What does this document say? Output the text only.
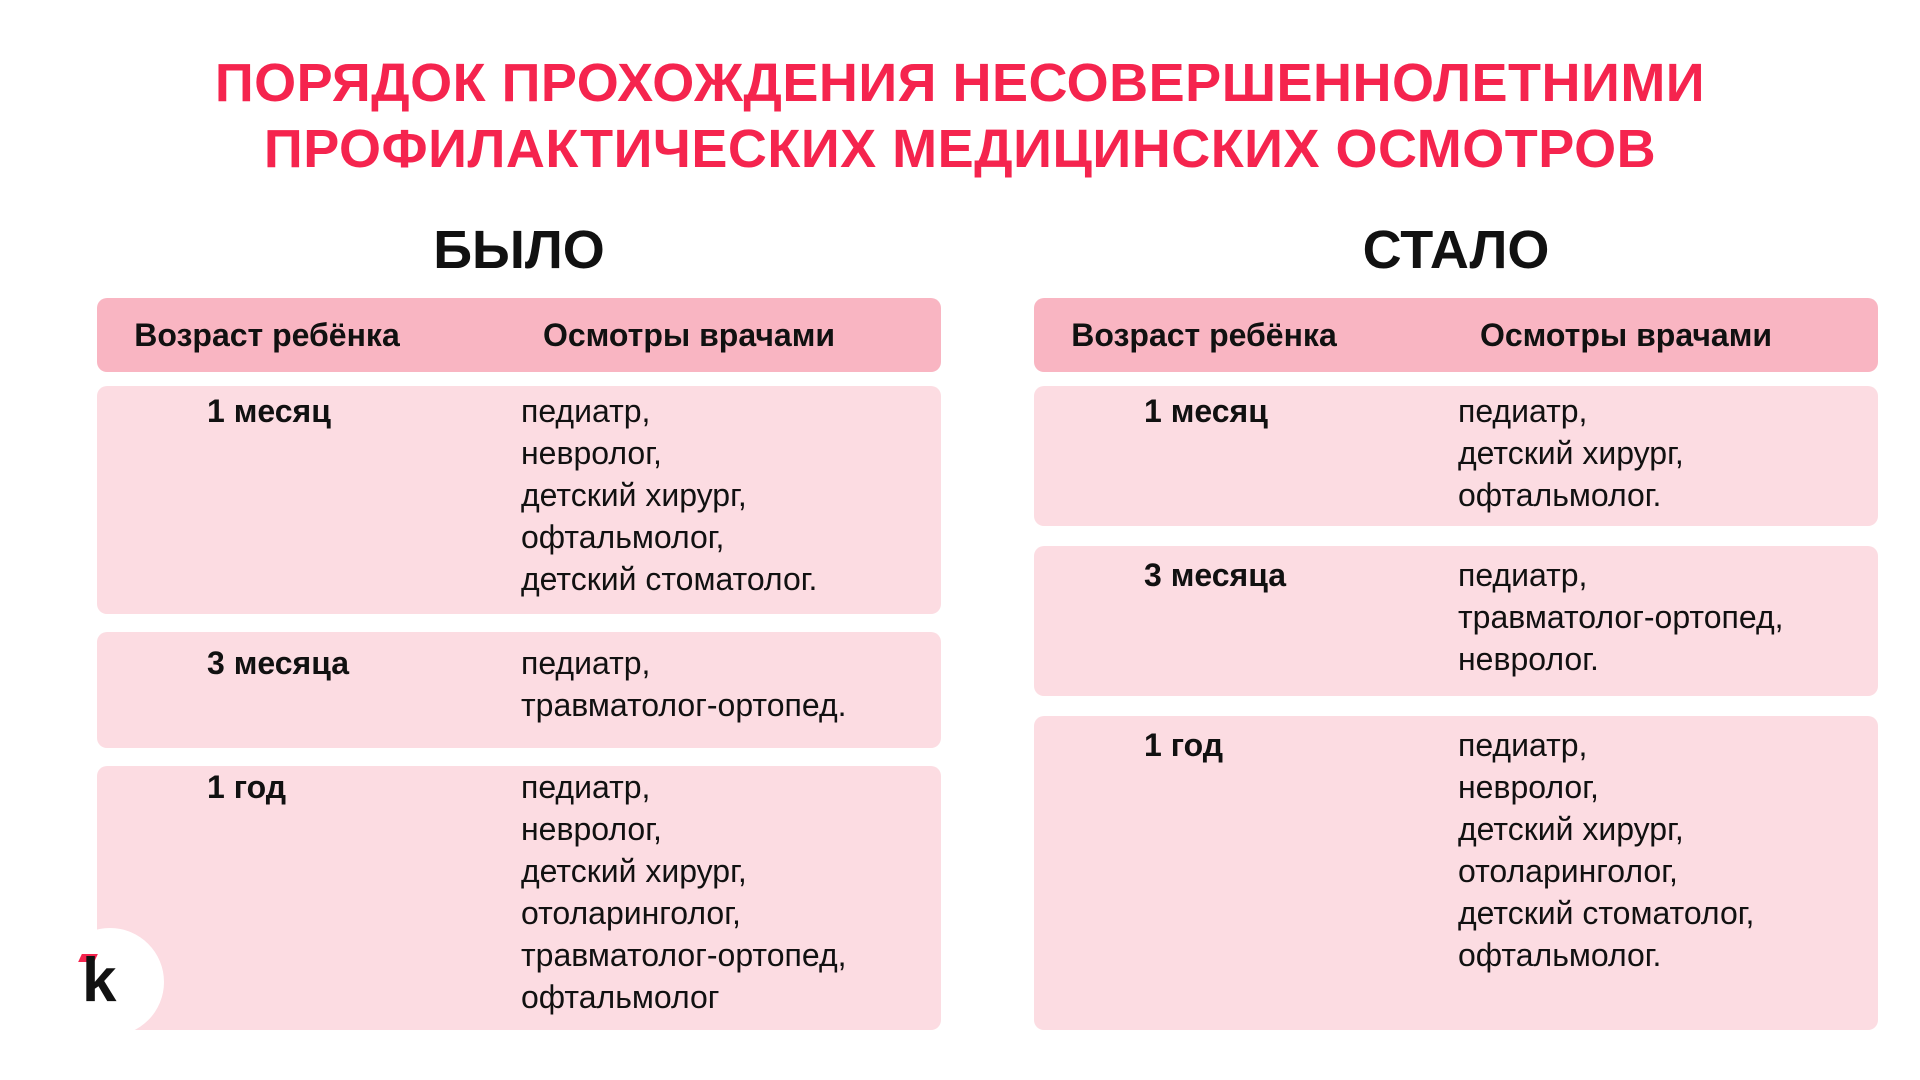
ПОРЯДОК ПРОХОЖДЕНИЯ НЕСОВЕРШЕННОЛЕТНИМИ
ПРОФИЛАКТИЧЕСКИХ МЕДИЦИНСКИХ ОСМОТРОВ
БЫЛО
Возраст ребёнка	Осмотры врачами
1 месяц	педиатр,
невролог,
детский хирург,
офтальмолог,
детский стоматолог.
3 месяца	педиатр,
травматолог-ортопед.
1 год	педиатр,
невролог,
детский хирург,
отоларинголог,
травматолог-ортопед,
офтальмолог
СТАЛО
Возраст ребёнка	Осмотры врачами
1 месяц	педиатр,
детский хирург,
офтальмолог.
3 месяца	педиатр,
травматолог-ортопед,
невролог.
1 год	педиатр,
невролог,
детский хирург,
отоларинголог,
детский стоматолог,
офтальмолог.
k
